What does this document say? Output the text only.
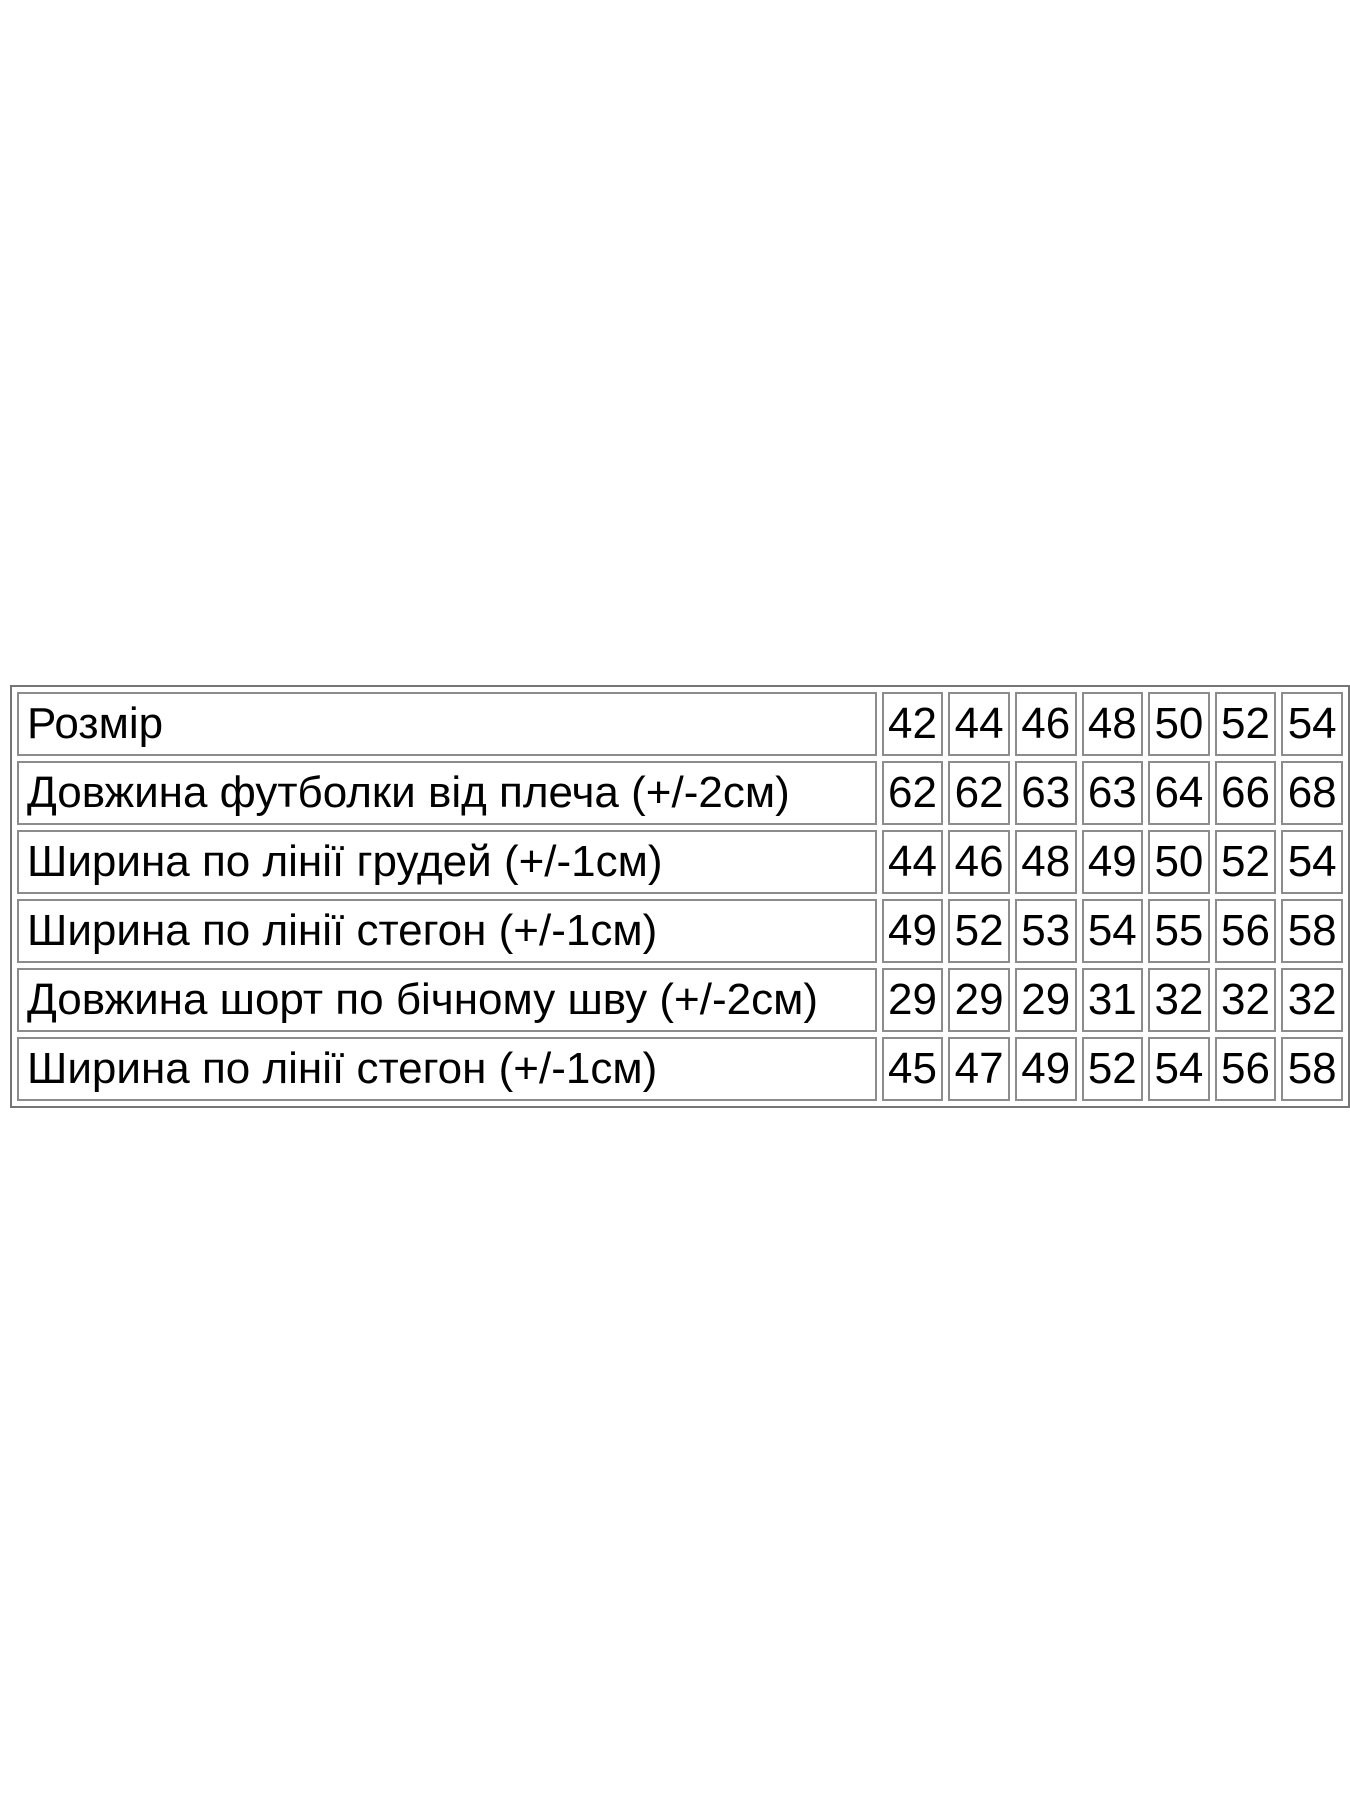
Розмір	42	44	46	48	50	52	54
Довжина футболки від плеча (+/-2см)	62	62	63	63	64	66	68
Ширина по лінії грудей (+/-1см)	44	46	48	49	50	52	54
Ширина по лінії стегон (+/-1см)	49	52	53	54	55	56	58
Довжина шорт по бічному шву (+/-2см)	29	29	29	31	32	32	32
Ширина по лінії стегон (+/-1см)	45	47	49	52	54	56	58
